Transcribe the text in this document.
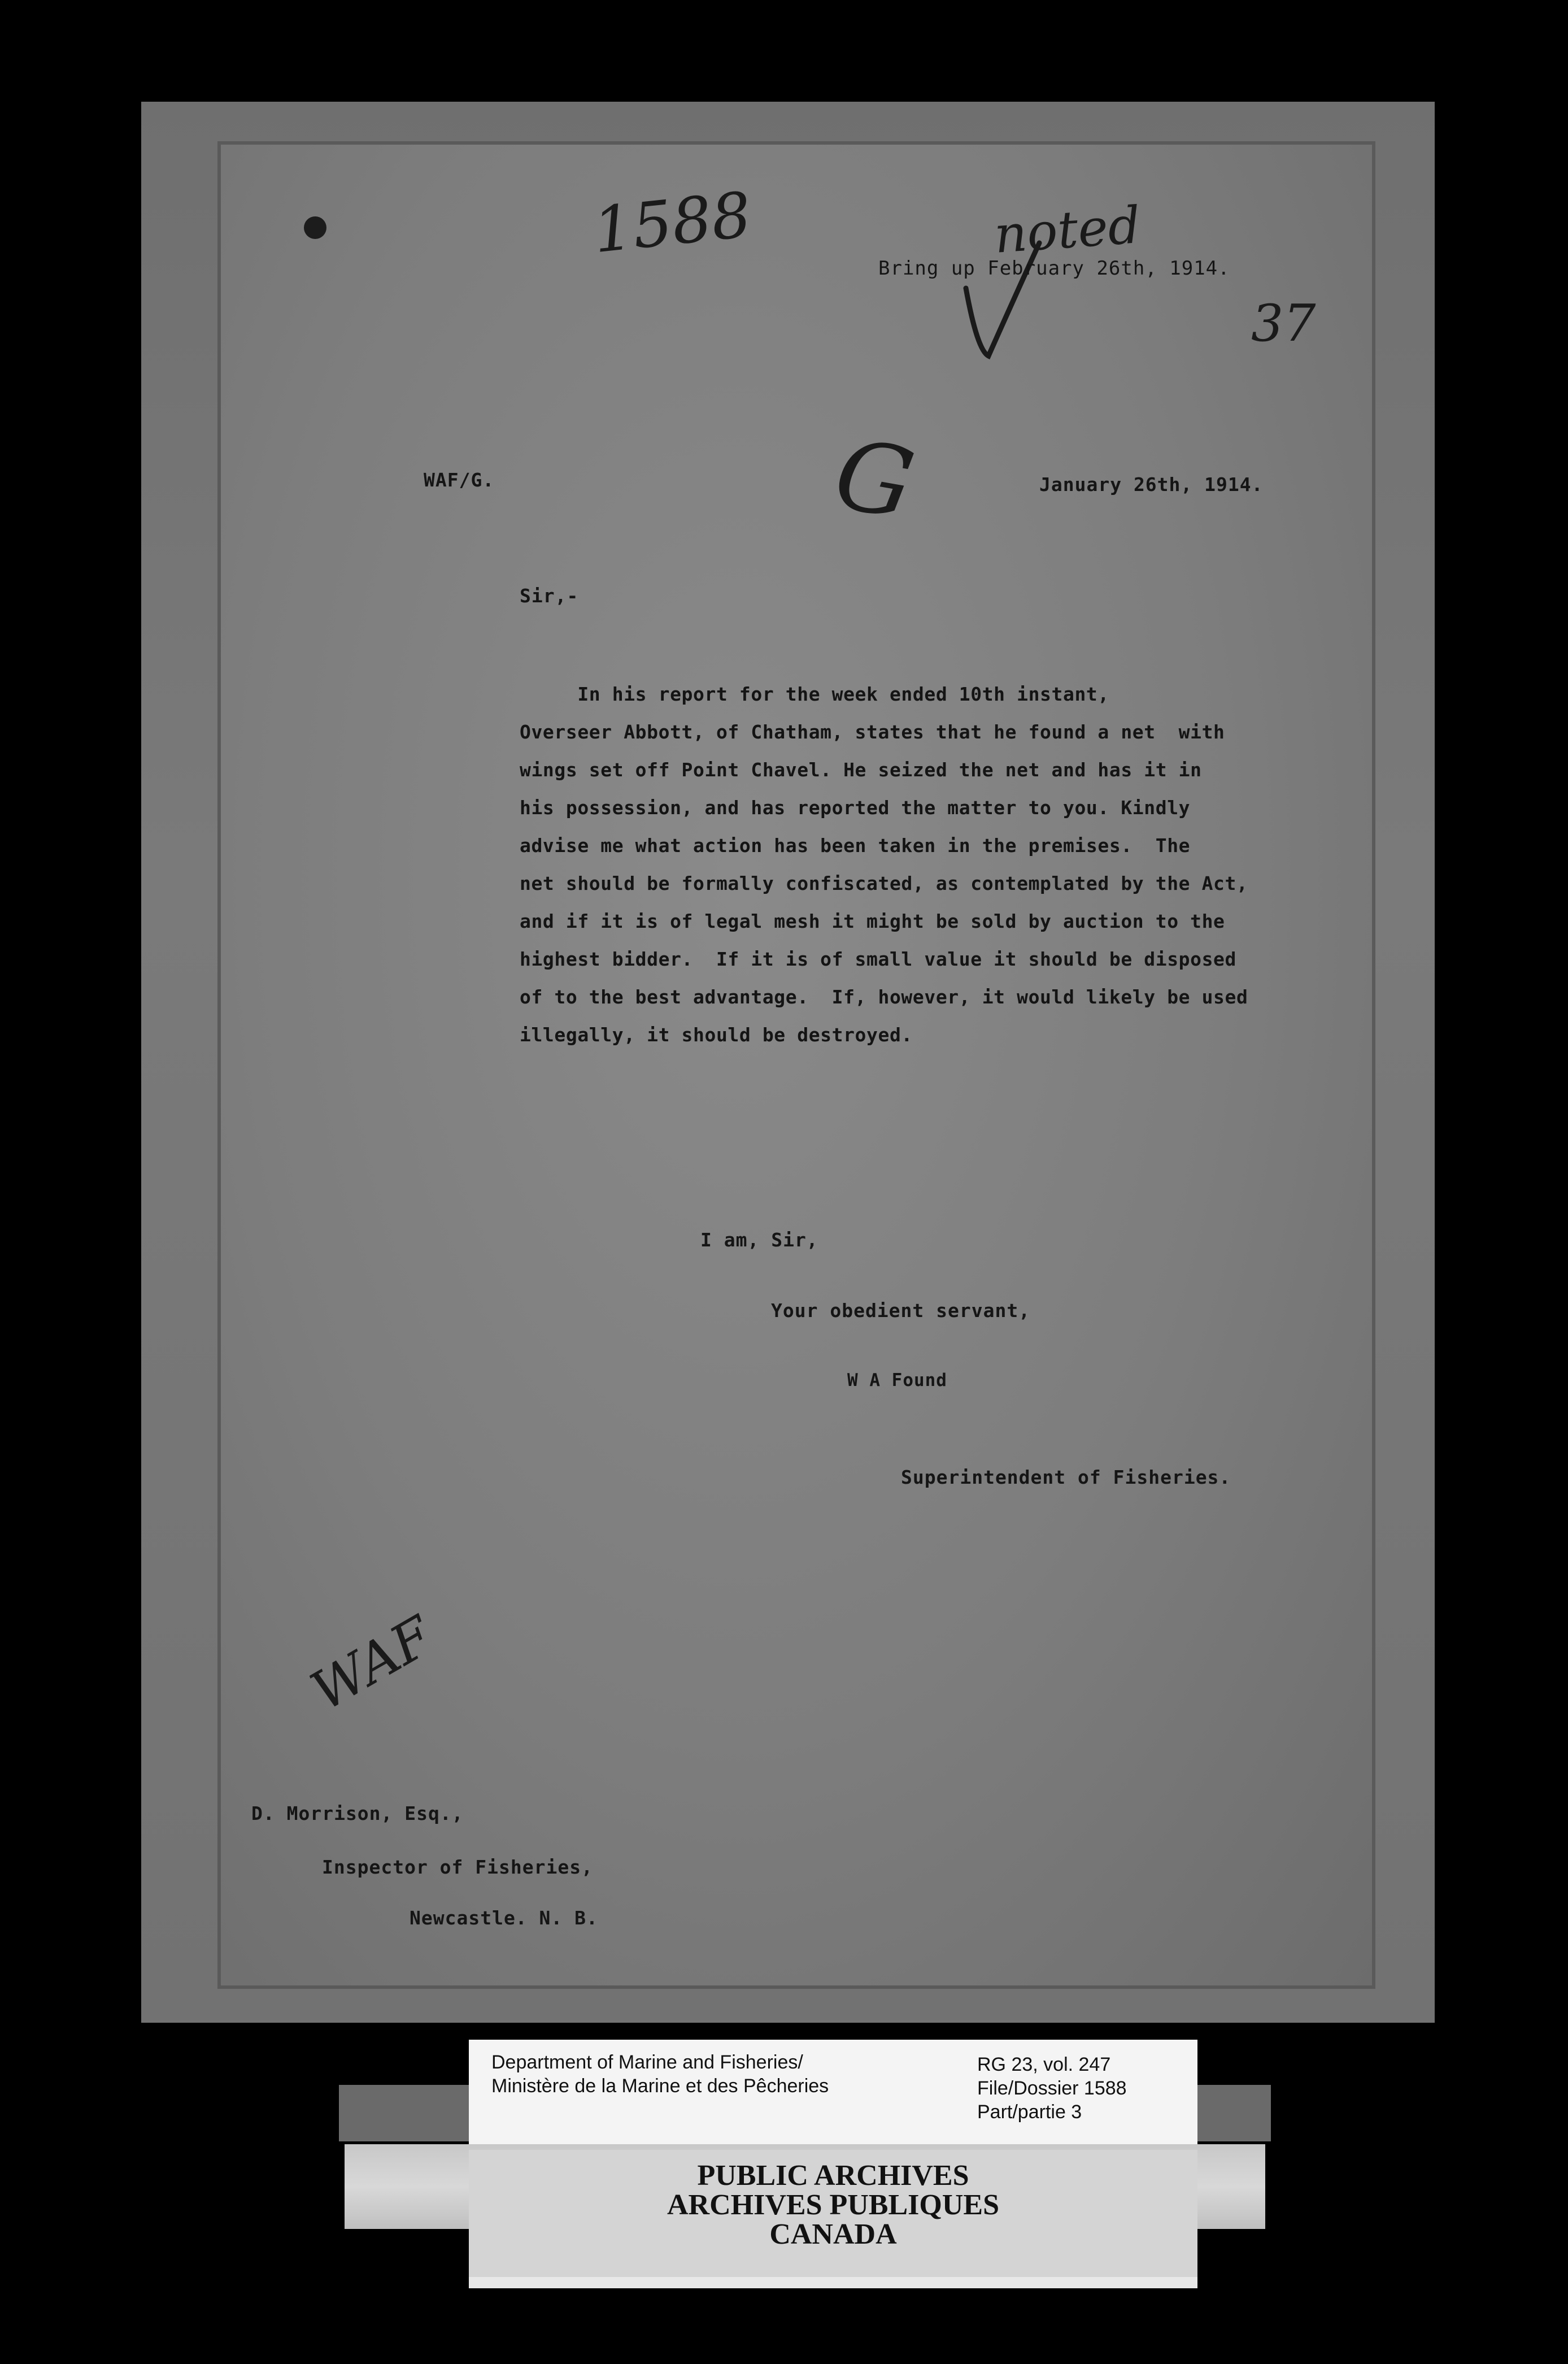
1588	noted
37
G
WAF
Bring up February 26th, 1914.
WAF/G.	January 26th, 1914.
Sir,-
In his report for the week ended 10th instant,
Overseer Abbott, of Chatham, states that he found a net  with
wings set off Point Chavel. He seized the net and has it in
his possession, and has reported the matter to you. Kindly
advise me what action has been taken in the premises.  The
net should be formally confiscated, as contemplated by the Act,
and if it is of legal mesh it might be sold by auction to the
highest bidder.  If it is of small value it should be disposed
of to the best advantage.  If, however, it would likely be used
illegally, it should be destroyed.
I am, Sir,
Your obedient servant,
W A Found
Superintendent of Fisheries.
D. Morrison, Esq.,
Inspector of Fisheries,
Newcastle. N. B.
Department of Marine and Fisheries/
Ministère de la Marine et des Pêcheries
RG 23, vol. 247
File/Dossier 1588
Part/partie 3
PUBLIC ARCHIVES
ARCHIVES PUBLIQUES
CANADA
